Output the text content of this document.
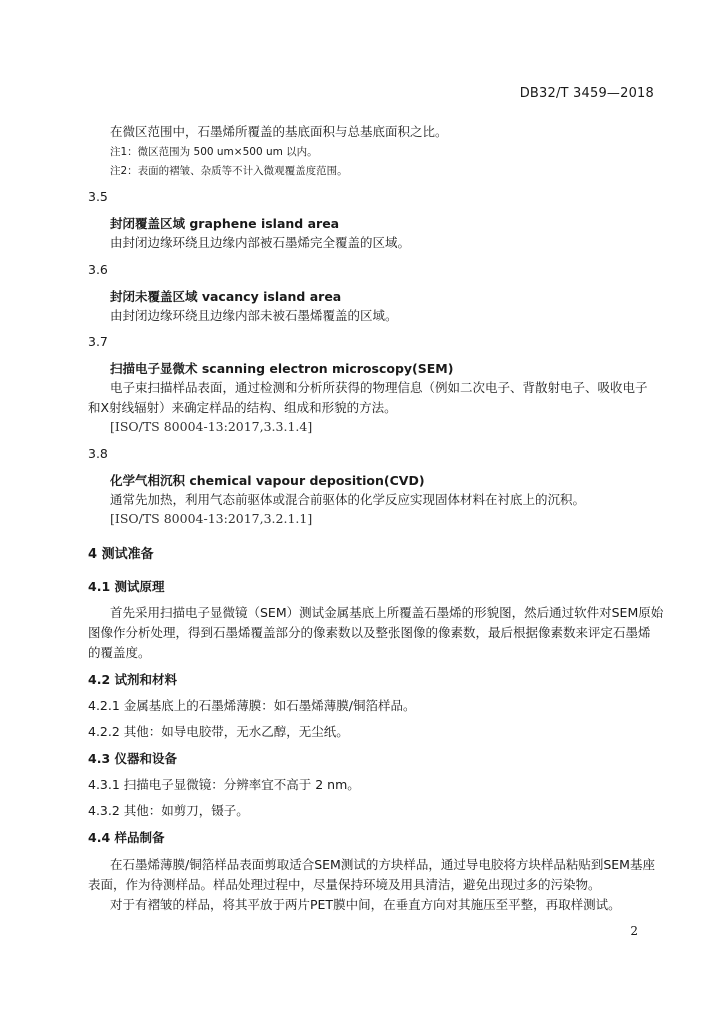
DB32/T 3459—2018
在微区范围中，石墨烯所覆盖的基底面积与总基底面积之比。
注1：微区范围为 500 um×500 um 以内。
注2：表面的褶皱、杂质等不计入微观覆盖度范围。
3.5
封闭覆盖区域 graphene island area
由封闭边缘环绕且边缘内部被石墨烯完全覆盖的区域。
3.6
封闭未覆盖区域 vacancy island area
由封闭边缘环绕且边缘内部未被石墨烯覆盖的区域。
3.7
扫描电子显微术 scanning electron microscopy(SEM)
电子束扫描样品表面，通过检测和分析所获得的物理信息（例如二次电子、背散射电子、吸收电子
和X射线辐射）来确定样品的结构、组成和形貌的方法。
[ISO/TS 80004-13:2017,3.3.1.4]
3.8
化学气相沉积 chemical vapour deposition(CVD)
通常先加热，利用气态前驱体或混合前驱体的化学反应实现固体材料在衬底上的沉积。
[ISO/TS 80004-13:2017,3.2.1.1]
4 测试准备
4.1 测试原理
首先采用扫描电子显微镜（SEM）测试金属基底上所覆盖石墨烯的形貌图，然后通过软件对SEM原始
图像作分析处理，得到石墨烯覆盖部分的像素数以及整张图像的像素数，最后根据像素数来评定石墨烯
的覆盖度。
4.2 试剂和材料
4.2.1 金属基底上的石墨烯薄膜：如石墨烯薄膜/铜箔样品。
4.2.2 其他：如导电胶带，无水乙醇，无尘纸。
4.3 仪器和设备
4.3.1 扫描电子显微镜：分辨率宜不高于 2 nm。
4.3.2 其他：如剪刀，镊子。
4.4 样品制备
在石墨烯薄膜/铜箔样品表面剪取适合SEM测试的方块样品，通过导电胶将方块样品粘贴到SEM基座
表面，作为待测样品。样品处理过程中，尽量保持环境及用具清洁，避免出现过多的污染物。
对于有褶皱的样品，将其平放于两片PET膜中间，在垂直方向对其施压至平整，再取样测试。
2
